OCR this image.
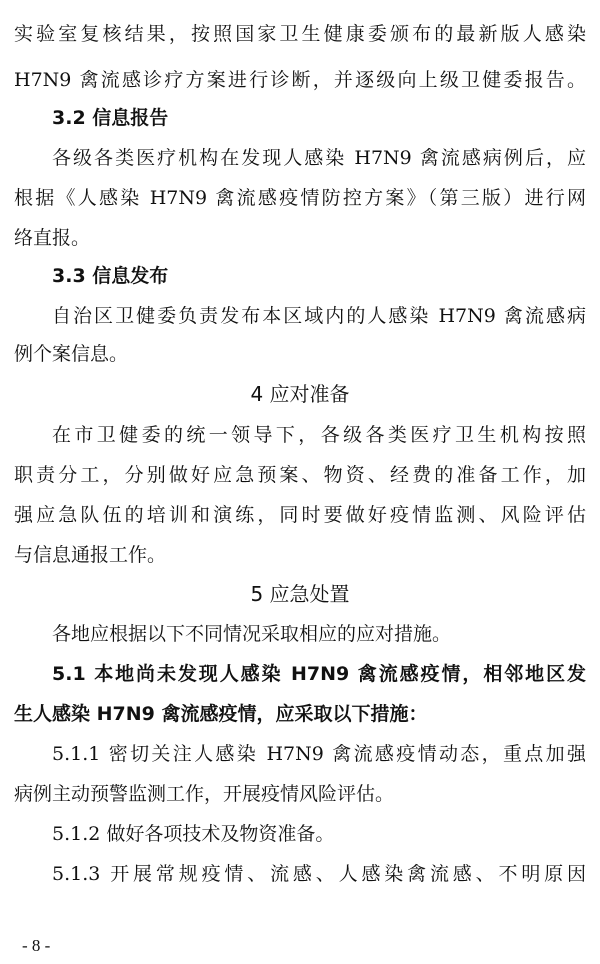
实验室复核结果，按照国家卫生健康委颁布的最新版人感染
H7N9 禽流感诊疗方案进行诊断，并逐级向上级卫健委报告。
3.2 信息报告
各级各类医疗机构在发现人感染 H7N9 禽流感病例后，应
根据《人感染 H7N9 禽流感疫情防控方案》（第三版）进行网
络直报。
3.3 信息发布
自治区卫健委负责发布本区域内的人感染 H7N9 禽流感病
例个案信息。
4 应对准备
在市卫健委的统一领导下，各级各类医疗卫生机构按照
职责分工，分别做好应急预案、物资、经费的准备工作，加
强应急队伍的培训和演练，同时要做好疫情监测、风险评估
与信息通报工作。
5 应急处置
各地应根据以下不同情况采取相应的应对措施。
5.1 本地尚未发现人感染 H7N9 禽流感疫情，相邻地区发
生人感染 H7N9 禽流感疫情，应采取以下措施：
5.1.1 密切关注人感染 H7N9 禽流感疫情动态，重点加强
病例主动预警监测工作，开展疫情风险评估。
5.1.2 做好各项技术及物资准备。
5.1.3 开展常规疫情、流感、人感染禽流感、不明原因
- 8 -
